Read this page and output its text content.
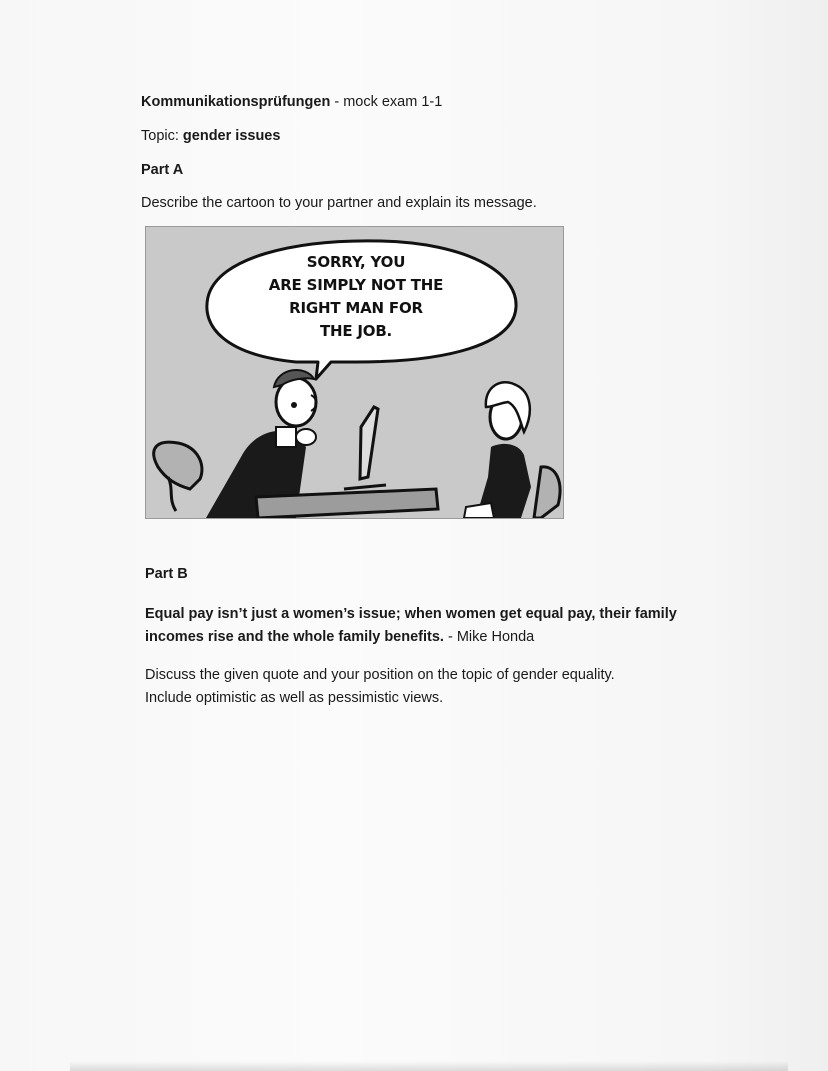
Kommunikationsprüfungen - mock exam 1-1
Topic: gender issues
Part A
Describe the cartoon to your partner and explain its message.
SORRY, YOU
ARE SIMPLY NOT THE
RIGHT MAN FOR
THE JOB.
Part B
Equal pay isn’t just a women’s issue; when women get equal pay, their family
incomes rise and the whole family benefits. - Mike Honda
Discuss the given quote and your position on the topic of gender equality.
Include optimistic as well as pessimistic views.
